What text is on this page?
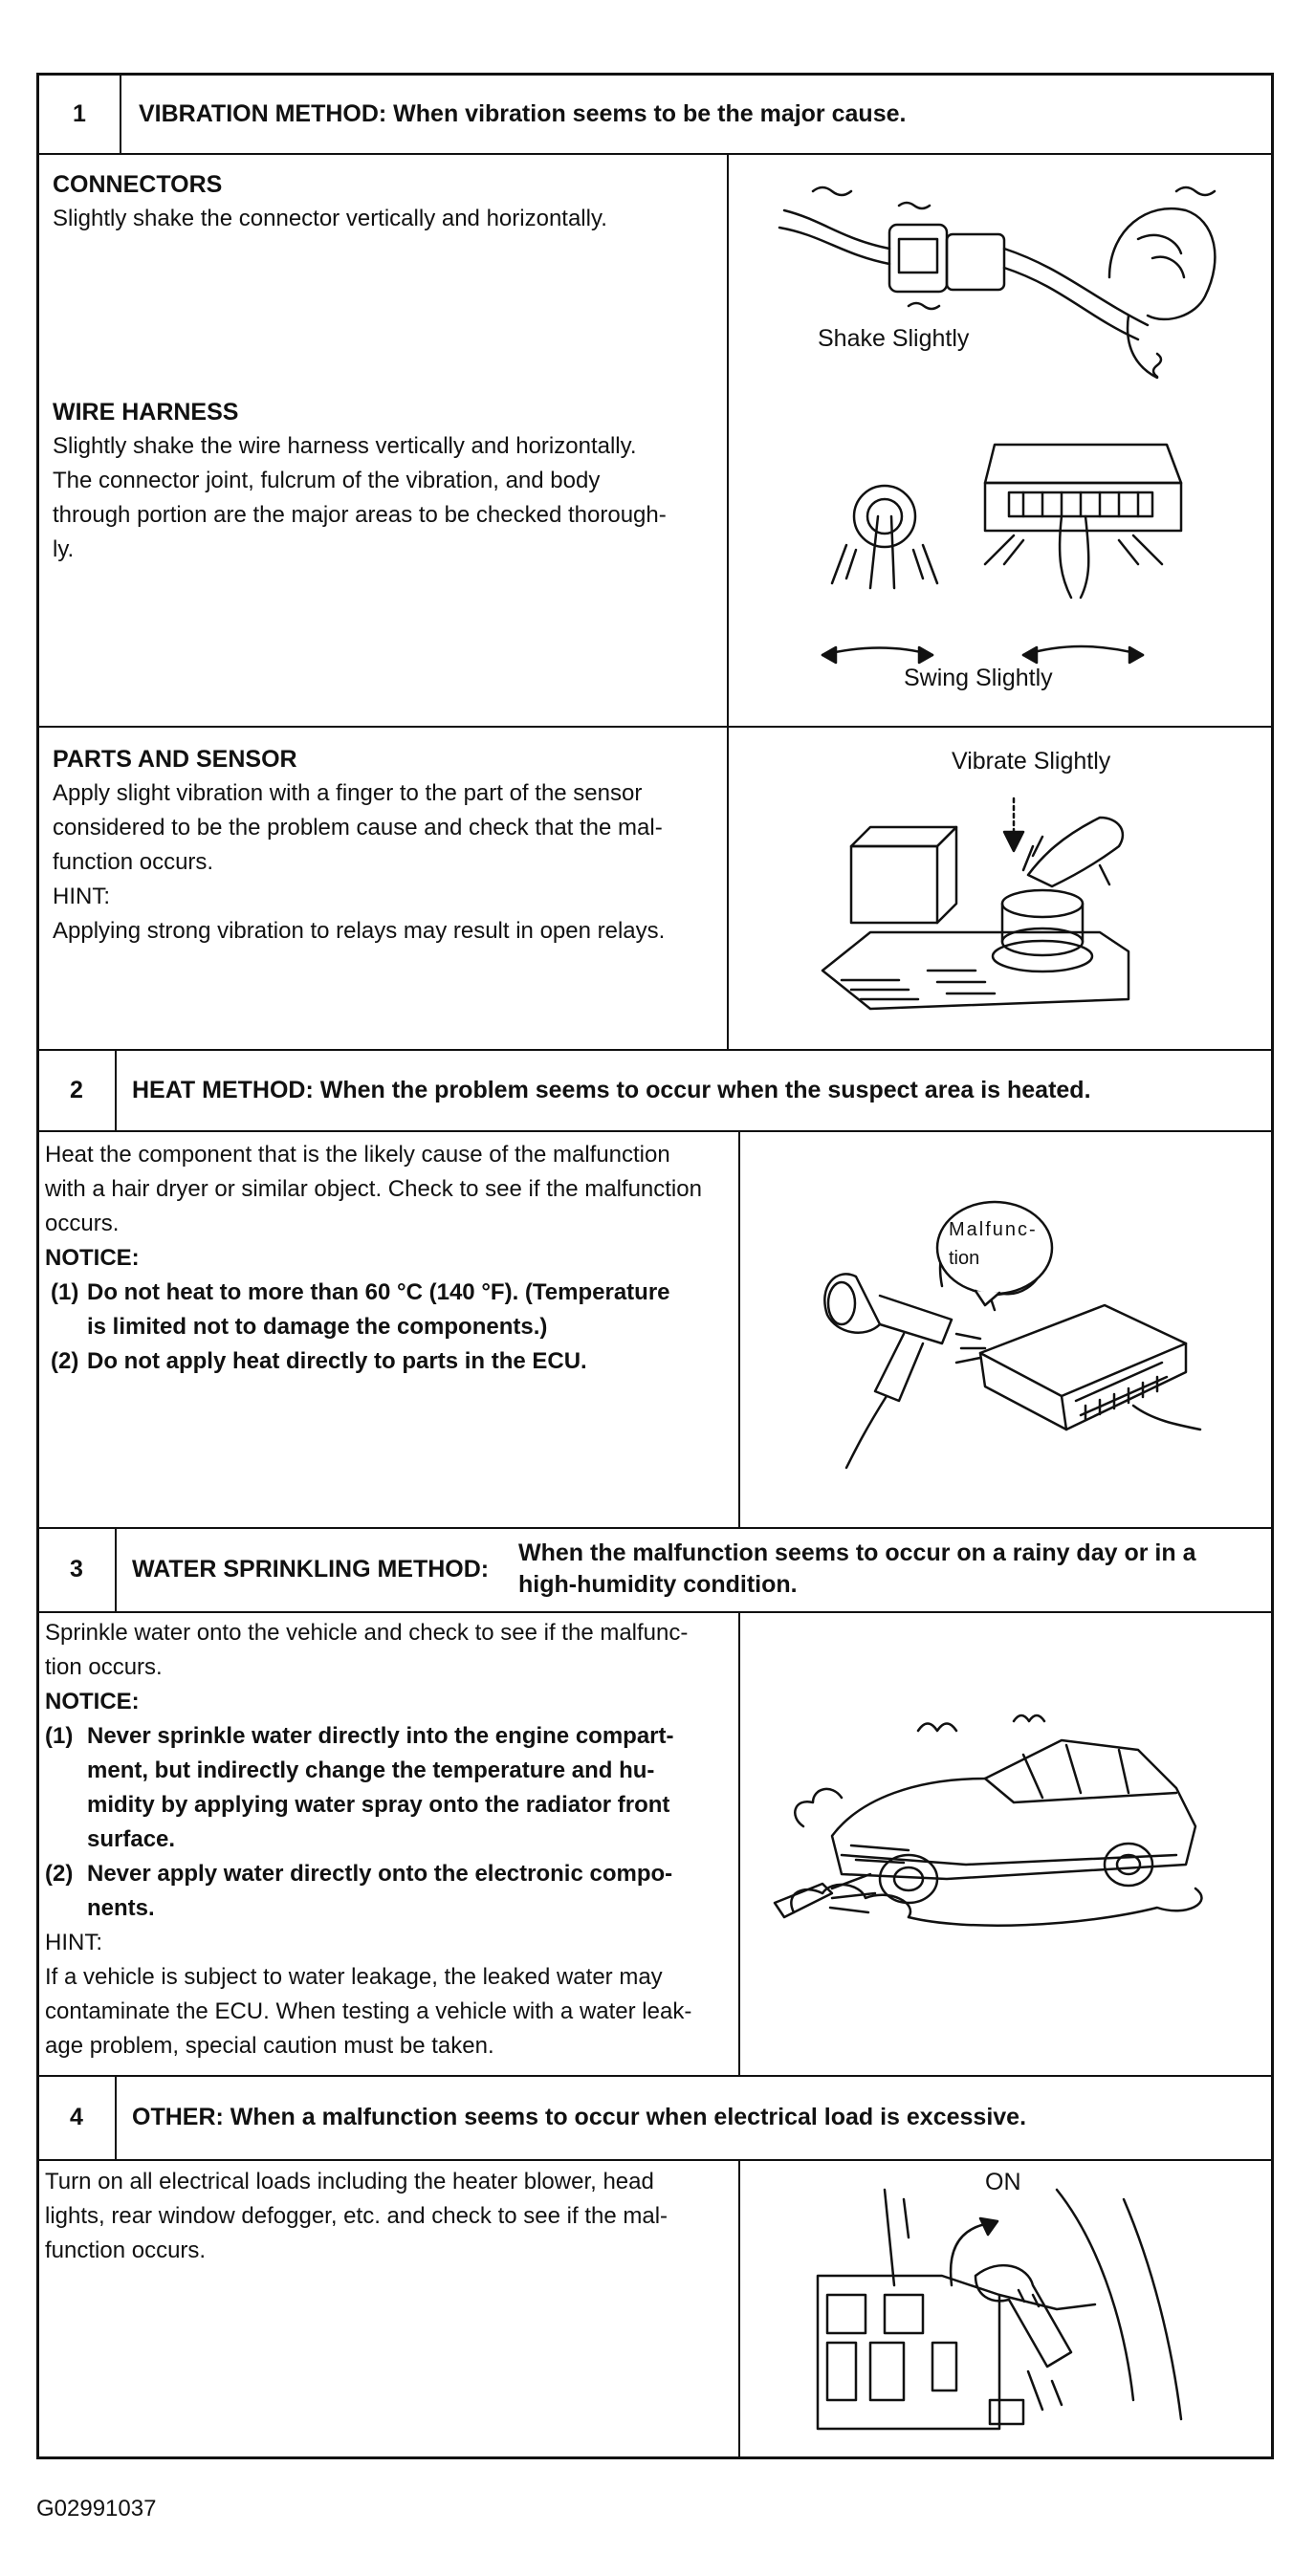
1	VIBRATION METHOD: When vibration seems to be the major cause.
CONNECTORS
Slightly shake the connector vertically and horizontally.
WIRE HARNESS
Slightly shake the wire harness vertically and horizontally.
The connector joint, fulcrum of the vibration, and body
through portion are the major areas to be checked thorough-
ly.
Shake Slightly
Swing Slightly
PARTS AND SENSOR
Apply slight vibration with a finger to the part of the sensor
considered to be the problem cause and check that the mal-
function occurs.
HINT:
Applying strong vibration to relays may result in open relays.
Vibrate Slightly
2	HEAT METHOD: When the problem seems to occur when the suspect area is heated.
Heat the component that is the likely cause of the malfunction
with a hair dryer or similar object. Check to see if the malfunction
occurs.
NOTICE:
(1) Do not heat to more than 60 °C (140 °F). (Temperature
is limited not to damage the components.)
(2) Do not apply heat directly to parts in the ECU.
Malfunc-
tion
3	WATER SPRINKLING METHOD:
When the malfunction seems to occur on a rainy day or in a
high-humidity condition.
Sprinkle water onto the vehicle and check to see if the malfunc-
tion occurs.
NOTICE:
(1) Never sprinkle water directly into the engine compart-
ment, but indirectly change the temperature and hu-
midity by applying water spray onto the radiator front
surface.
(2) Never apply water directly onto the electronic compo-
nents.
HINT:
If a vehicle is subject to water leakage, the leaked water may
contaminate the ECU. When testing a vehicle with a water leak-
age problem, special caution must be taken.
4	OTHER: When a malfunction seems to occur when electrical load is excessive.
Turn on all electrical loads including the heater blower, head
lights, rear window defogger, etc. and check to see if the mal-
function occurs.
ON
G02991037
